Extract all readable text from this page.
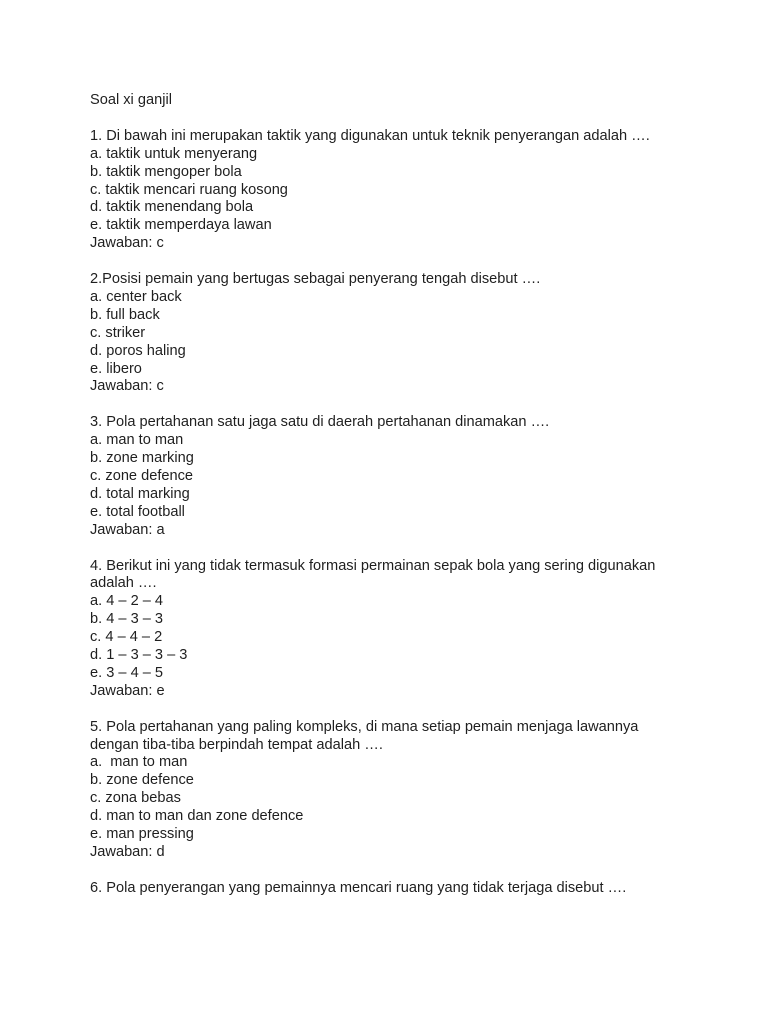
Soal xi ganjil
1. Di bawah ini merupakan taktik yang digunakan untuk teknik penyerangan adalah ….
a. taktik untuk menyerang
b. taktik mengoper bola
c. taktik mencari ruang kosong
d. taktik menendang bola
e. taktik memperdaya lawan
Jawaban: c
2.Posisi pemain yang bertugas sebagai penyerang tengah disebut ….
a. center back
b. full back
c. striker
d. poros haling
e. libero
Jawaban: c
3. Pola pertahanan satu jaga satu di daerah pertahanan dinamakan ….
a. man to man
b. zone marking
c. zone defence
d. total marking
e. total football
Jawaban: a
4. Berikut ini yang tidak termasuk formasi permainan sepak bola yang sering digunakan
adalah ….
a. 4 – 2 – 4
b. 4 – 3 – 3
c. 4 – 4 – 2
d. 1 – 3 – 3 – 3
e. 3 – 4 – 5
Jawaban: e
5. Pola pertahanan yang paling kompleks, di mana setiap pemain menjaga lawannya
dengan tiba-tiba berpindah tempat adalah ….
a.  man to man
b. zone defence
c. zona bebas
d. man to man dan zone defence
e. man pressing
Jawaban: d
6. Pola penyerangan yang pemainnya mencari ruang yang tidak terjaga disebut ….
